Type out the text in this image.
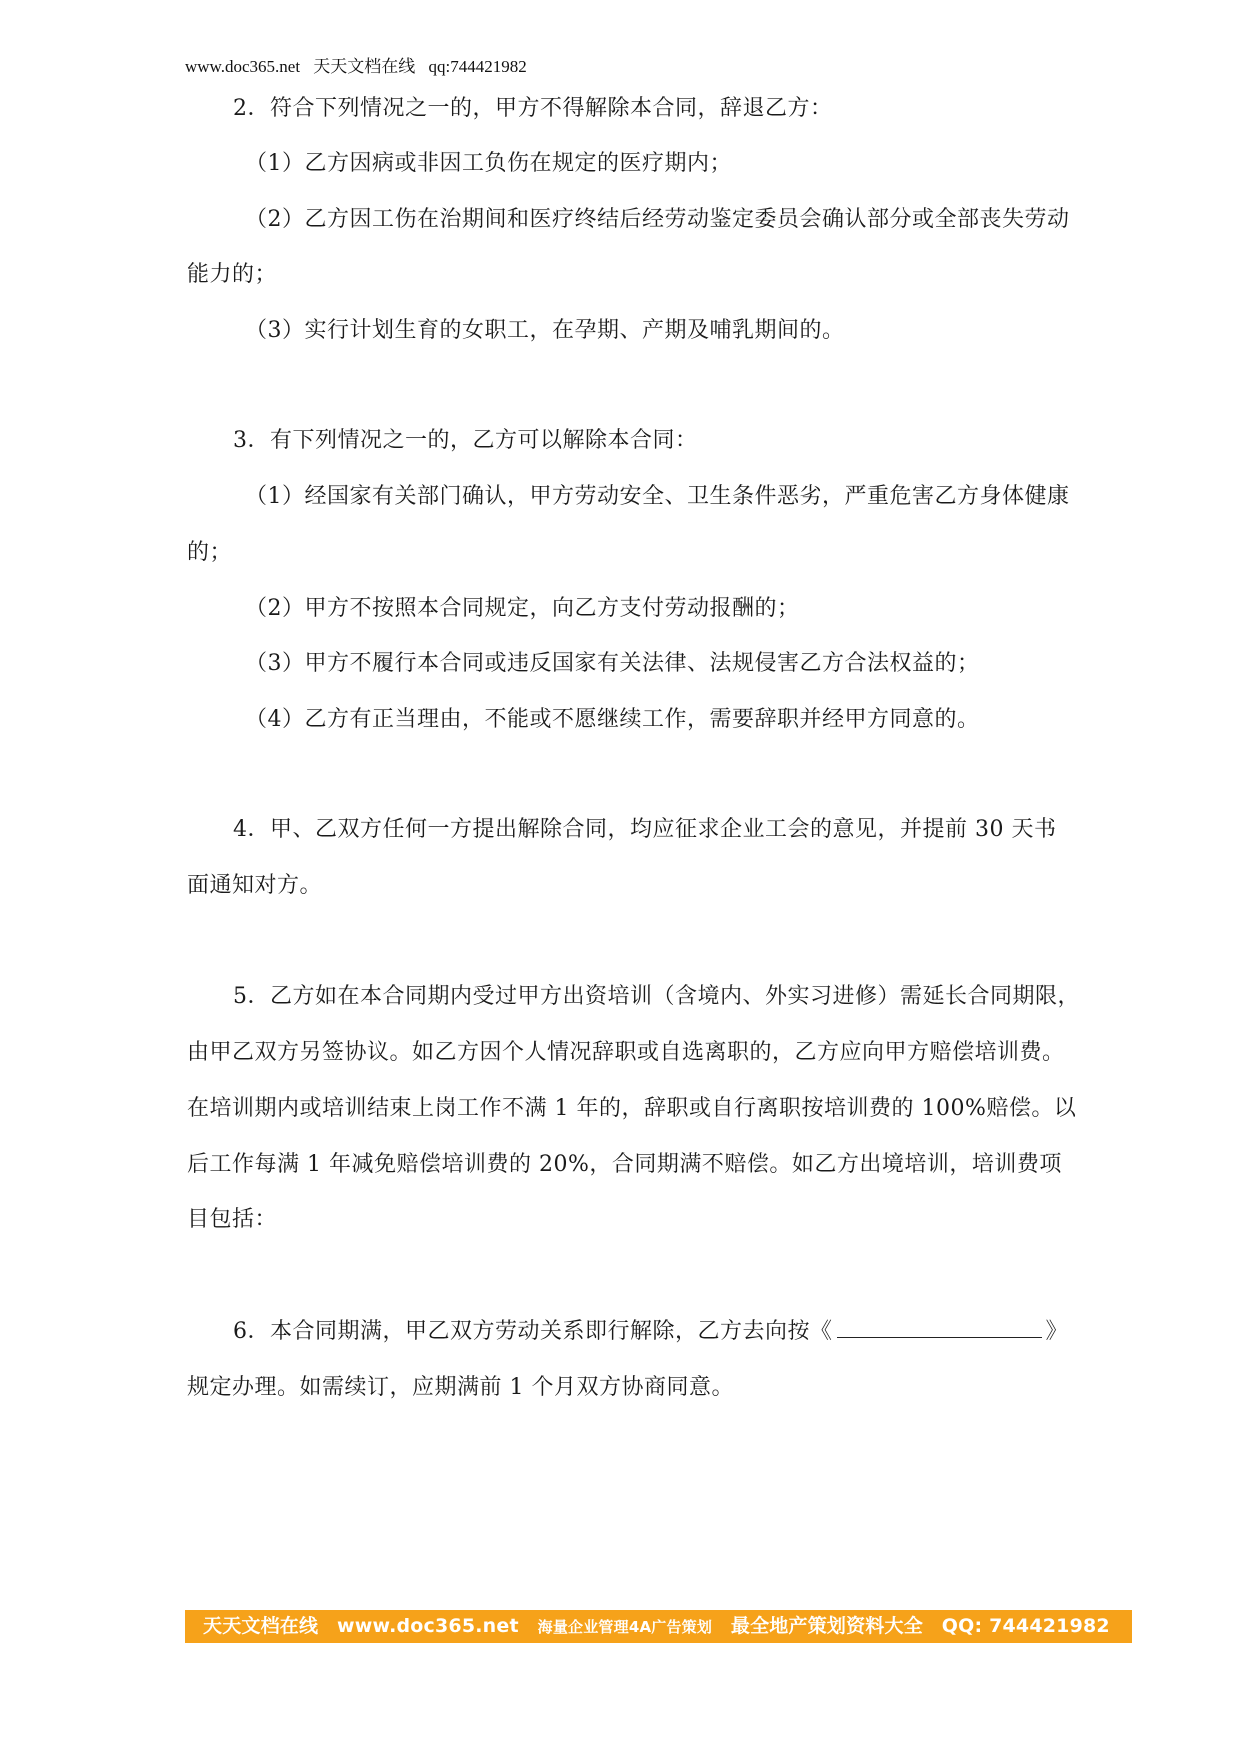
www.doc365.net 天天文档在线 qq:744421982
2．符合下列情况之一的，甲方不得解除本合同，辞退乙方：
（1）乙方因病或非因工负伤在规定的医疗期内；
（2）乙方因工伤在治期间和医疗终结后经劳动鉴定委员会确认部分或全部丧失劳动
能力的；
（3）实行计划生育的女职工，在孕期、产期及哺乳期间的。
3．有下列情况之一的，乙方可以解除本合同：
（1）经国家有关部门确认，甲方劳动安全、卫生条件恶劣，严重危害乙方身体健康
的；
（2）甲方不按照本合同规定，向乙方支付劳动报酬的；
（3）甲方不履行本合同或违反国家有关法律、法规侵害乙方合法权益的；
（4）乙方有正当理由，不能或不愿继续工作，需要辞职并经甲方同意的。
4．甲、乙双方任何一方提出解除合同，均应征求企业工会的意见，并提前 30 天书
面通知对方。
5．乙方如在本合同期内受过甲方出资培训（含境内、外实习进修）需延长合同期限，
由甲乙双方另签协议。如乙方因个人情况辞职或自选离职的，乙方应向甲方赔偿培训费。
在培训期内或培训结束上岗工作不满 1 年的，辞职或自行离职按培训费的 100%赔偿。以
后工作每满 1 年减免赔偿培训费的 20%，合同期满不赔偿。如乙方出境培训，培训费项
目包括：
6．本合同期满，甲乙双方劳动关系即行解除，乙方去向按《	》
规定办理。如需续订，应期满前 1 个月双方协商同意。
天天文档在线 www.doc365.net 海量企业管理4A广告策划 最全地产策划资料大全 QQ: 744421982
